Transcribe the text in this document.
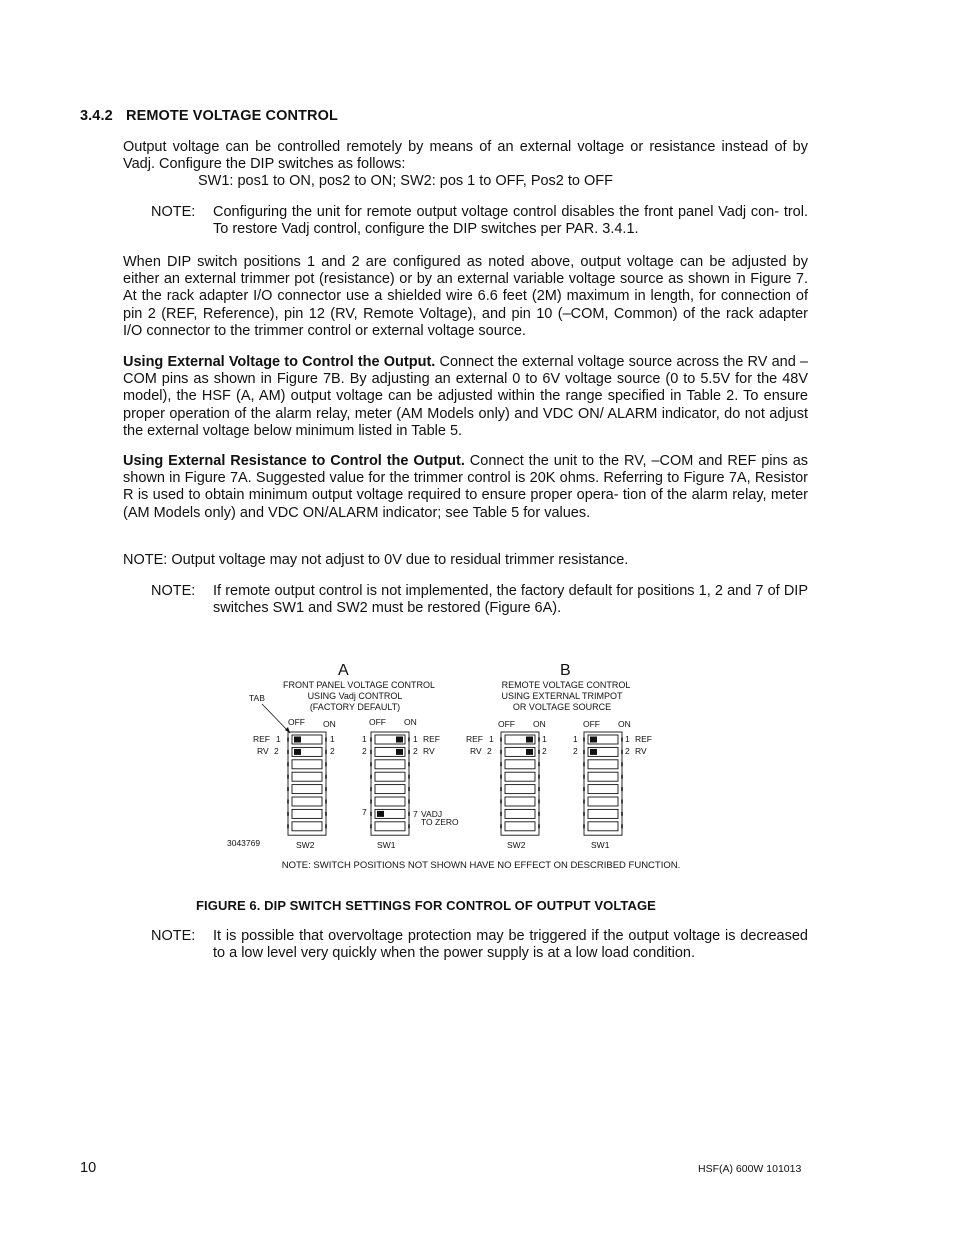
3.4.2 REMOTE VOLTAGE CONTROL
Output voltage can be controlled remotely by means of an external voltage or resistance instead of by Vadj. Configure the DIP switches as follows:
SW1: pos1 to ON, pos2 to ON; SW2: pos 1 to OFF, Pos2 to OFF
NOTE: Configuring the unit for remote output voltage control disables the front panel Vadj con- trol. To restore Vadj control, configure the DIP switches per PAR. 3.4.1.
When DIP switch positions 1 and 2 are configured as noted above, output voltage can be adjusted by either an external trimmer pot (resistance) or by an external variable voltage source as shown in Figure 7. At the rack adapter I/O connector use a shielded wire 6.6 feet (2M) maximum in length, for connection of pin 2 (REF, Reference), pin 12 (RV, Remote Voltage), and pin 10 (–COM, Common) of the rack adapter I/O connector to the trimmer control or external voltage source.
Using External Voltage to Control the Output. Connect the external voltage source across the RV and –COM pins as shown in Figure 7B. By adjusting an external 0 to 6V voltage source (0 to 5.5V for the 48V model), the HSF (A, AM) output voltage can be adjusted within the range specified in Table 2. To ensure proper operation of the alarm relay, meter (AM Models only) and VDC ON/ ALARM indicator, do not adjust the external voltage below minimum listed in Table 5.
Using External Resistance to Control the Output. Connect the unit to the RV, –COM and REF pins as shown in Figure 7A. Suggested value for the trimmer control is 20K ohms. Referring to Figure 7A, Resistor R is used to obtain minimum output voltage required to ensure proper opera- tion of the alarm relay, meter (AM Models only) and VDC ON/ALARM indicator; see Table 5 for values.
NOTE: Output voltage may not adjust to 0V due to residual trimmer resistance.
NOTE: If remote output control is not implemented, the factory default for positions 1, 2 and 7 of DIP switches SW1 and SW2 must be restored (Figure 6A).
A
FRONT PANEL VOLTAGE CONTROL
USING Vadj CONTROL
(FACTORY DEFAULT)
B
REMOTE VOLTAGE CONTROL
USING EXTERNAL TRIMPOT
OR VOLTAGE SOURCE
TAB
OFF ON	OFF ON	OFF ON	OFF ON
REF 1
RV 2
1
2
1
2
1 REF
2 RV
7	7 VADJ
TO ZERO
REF 1
RV 2
1
2
1
2
1 REF
2 RV
3043769	SW2	SW1	SW2	SW1
NOTE: SWITCH POSITIONS NOT SHOWN HAVE NO EFFECT ON DESCRIBED FUNCTION.
FIGURE 6. DIP SWITCH SETTINGS FOR CONTROL OF OUTPUT VOLTAGE
NOTE: It is possible that overvoltage protection may be triggered if the output voltage is decreased to a low level very quickly when the power supply is at a low load condition.
10	HSF(A) 600W 101013
